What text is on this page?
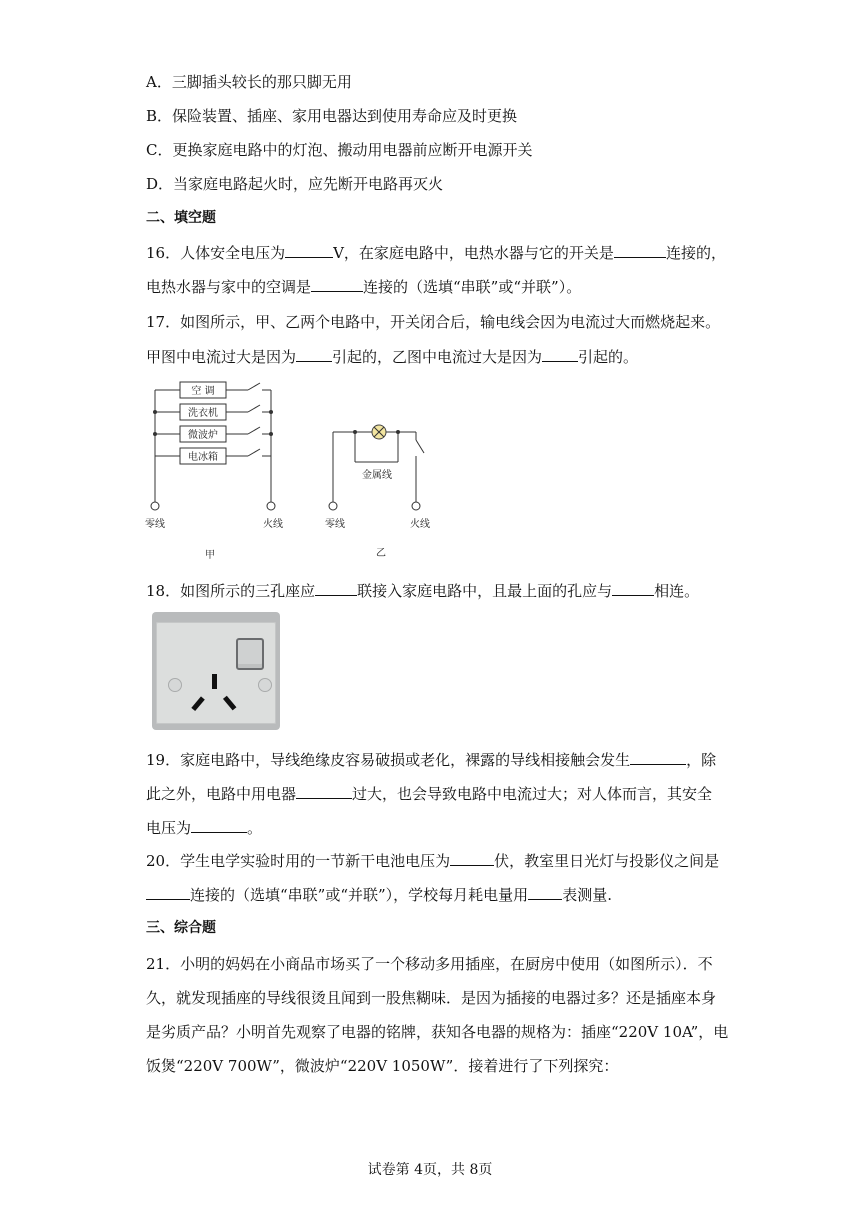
A．三脚插头较长的那只脚无用
B．保险装置、插座、家用电器达到使用寿命应及时更换
C．更换家庭电路中的灯泡、搬动用电器前应断开电源开关
D．当家庭电路起火时，应先断开电路再灭火
二、填空题
16．人体安全电压为	V，在家庭电路中，电热水器与它的开关是	连接的，
电热水器与家中的空调是	连接的（选填“串联”或“并联”）。
17．如图所示，甲、乙两个电路中，开关闭合后，输电线会因为电流过大而燃烧起来。
甲图中电流过大是因为 引起的，乙图中电流过大是因为 引起的。
空 调
洗衣机
微波炉
电冰箱
零线	火线
甲
金属线
零线	火线
乙
18．如图所示的三孔座应	联接入家庭电路中，且最上面的孔应与	相连。
19．家庭电路中，导线绝缘皮容易破损或老化，裸露的导线相接触会发生	，除
此之外，电路中用电器	过大，也会导致电路中电流过大；对人体而言，其安全
电压为	。
20．学生电学实验时用的一节新干电池电压为	伏，教室里日光灯与投影仪之间是
连接的（选填“串联”或“并联”），学校每月耗电量用 表测量.
三、综合题
21．小明的妈妈在小商品市场买了一个移动多用插座，在厨房中使用（如图所示）．不
久，就发现插座的导线很烫且闻到一股焦糊味．是因为插接的电器过多？还是插座本身
是劣质产品？小明首先观察了电器的铭牌，获知各电器的规格为：插座“220V 10A”，电
饭煲“220V 700W”，微波炉“220V 1050W”．接着进行了下列探究：
试卷第 4页，共 8页
